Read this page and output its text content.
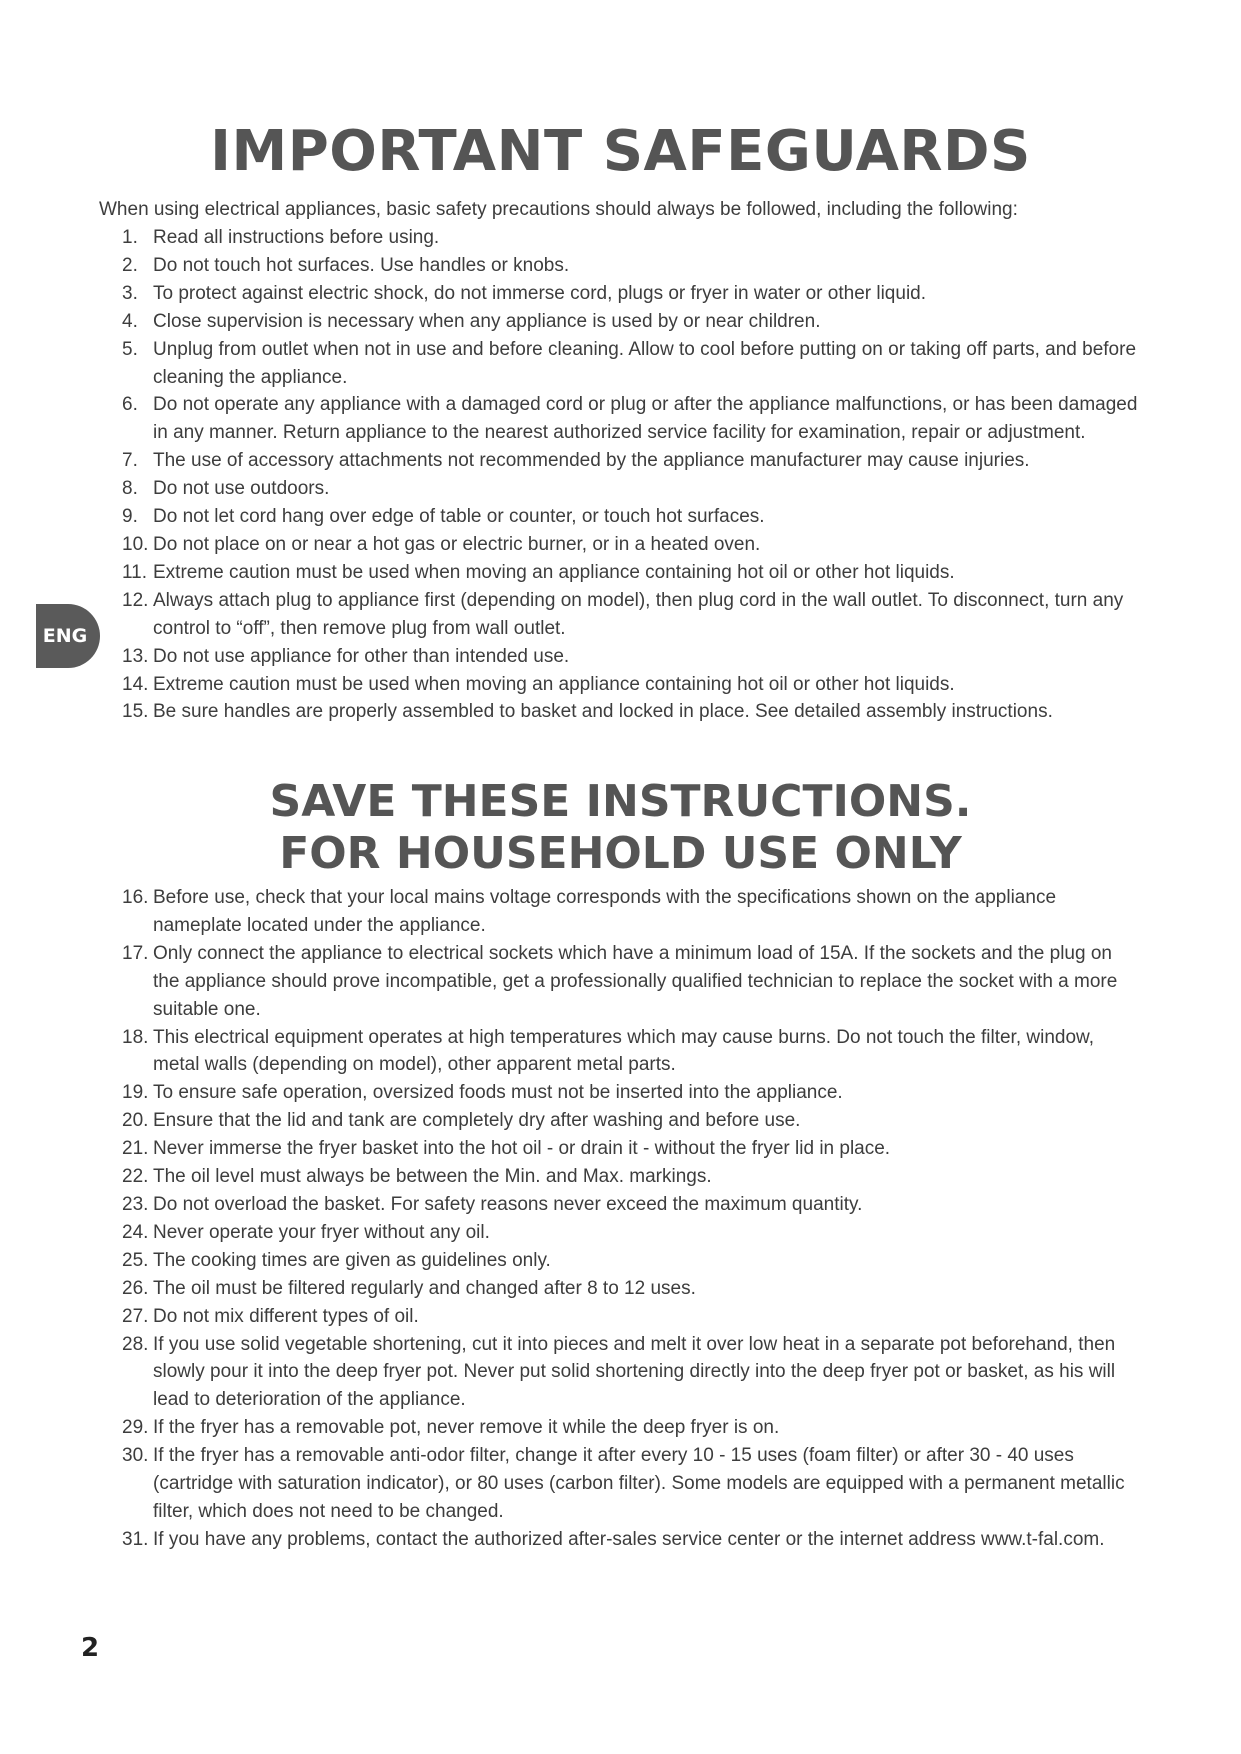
IMPORTANT SAFEGUARDS
When using electrical appliances, basic safety precautions should always be followed, including the following:
1. Read all instructions before using.
2. Do not touch hot surfaces. Use handles or knobs.
3. To protect against electric shock, do not immerse cord, plugs or fryer in water or other liquid.
4. Close supervision is necessary when any appliance is used by or near children.
5. Unplug from outlet when not in use and before cleaning. Allow to cool before putting on or taking off parts, and before cleaning the appliance.
6. Do not operate any appliance with a damaged cord or plug or after the appliance malfunctions, or has been damaged in any manner. Return appliance to the nearest authorized service facility for examination, repair or adjustment.
7. The use of accessory attachments not recommended by the appliance manufacturer may cause injuries.
8. Do not use outdoors.
9. Do not let cord hang over edge of table or counter, or touch hot surfaces.
10. Do not place on or near a hot gas or electric burner, or in a heated oven.
11. Extreme caution must be used when moving an appliance containing hot oil or other hot liquids.
12. Always attach plug to appliance first (depending on model), then plug cord in the wall outlet. To disconnect, turn any control to “off”, then remove plug from wall outlet.
13. Do not use appliance for other than intended use.
14. Extreme caution must be used when moving an appliance containing hot oil or other hot liquids.
15. Be sure handles are properly assembled to basket and locked in place. See detailed assembly instructions.
SAVE THESE INSTRUCTIONS.
FOR HOUSEHOLD USE ONLY
16. Before use, check that your local mains voltage corresponds with the specifications shown on the appliance nameplate located under the appliance.
17. Only connect the appliance to electrical sockets which have a minimum load of 15A. If the sockets and the plug on the appliance should prove incompatible, get a professionally qualified technician to replace the socket with a more suitable one.
18. This electrical equipment operates at high temperatures which may cause burns. Do not touch the filter, window, metal walls (depending on model), other apparent metal parts.
19. To ensure safe operation, oversized foods must not be inserted into the appliance.
20. Ensure that the lid and tank are completely dry after washing and before use.
21. Never immerse the fryer basket into the hot oil - or drain it - without the fryer lid in place.
22. The oil level must always be between the Min. and Max. markings.
23. Do not overload the basket. For safety reasons never exceed the maximum quantity.
24. Never operate your fryer without any oil.
25. The cooking times are given as guidelines only.
26. The oil must be filtered regularly and changed after 8 to 12 uses.
27. Do not mix different types of oil.
28. If you use solid vegetable shortening, cut it into pieces and melt it over low heat in a separate pot beforehand, then slowly pour it into the deep fryer pot. Never put solid shortening directly into the deep fryer pot or basket, as his will lead to deterioration of the appliance.
29. If the fryer has a removable pot, never remove it while the deep fryer is on.
30. If the fryer has a removable anti-odor filter, change it after every 10 - 15 uses (foam filter) or after 30 - 40 uses (cartridge with saturation indicator), or 80 uses (carbon filter). Some models are equipped with a permanent metallic filter, which does not need to be changed.
31. If you have any problems, contact the authorized after-sales service center or the internet address www.t-fal.com.
ENG
2
